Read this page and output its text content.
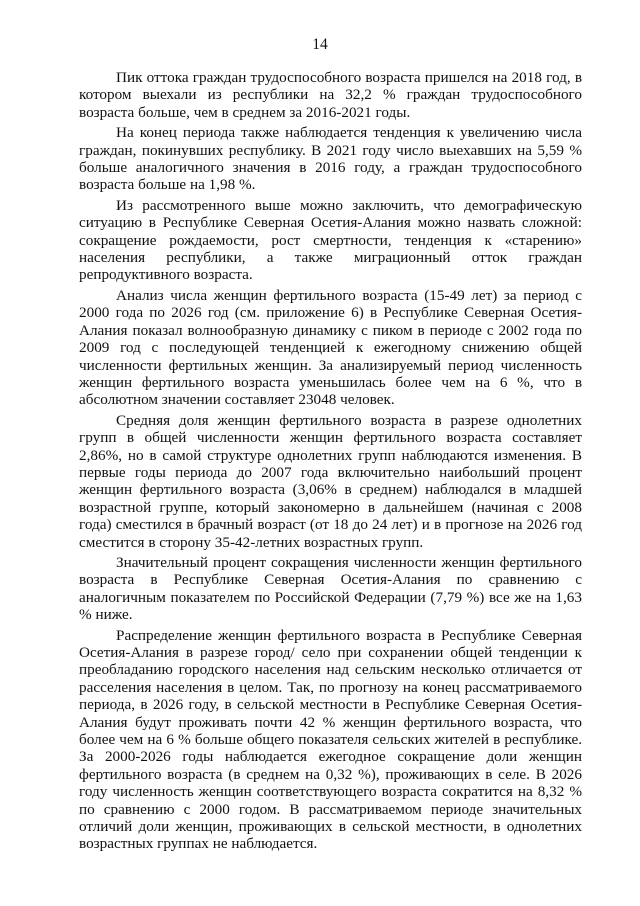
14

Пик оттока граждан трудоспособного возраста пришелся на 2018 год, в котором выехали из республики на 32,2 % граждан трудоспособного возраста больше, чем в среднем за 2016-2021 годы.

На конец периода также наблюдается тенденция к увеличению числа граждан, покинувших республику. В 2021 году число выехавших на 5,59 % больше аналогичного значения в 2016 году, а граждан трудоспособного возраста больше на 1,98 %.

Из рассмотренного выше можно заключить, что демографическую ситуацию в Республике Северная Осетия-Алания можно назвать сложной: сокращение рождаемости, рост смертности, тенденция к «старению» населения республики, а также миграционный отток граждан репродуктивного возраста.

Анализ числа женщин фертильного возраста (15-49 лет) за период с 2000 года по 2026 год (см. приложение 6) в Республике Северная Осетия-Алания показал волнообразную динамику с пиком в периоде с 2002 года по 2009 год с последующей тенденцией к ежегодному снижению общей численности фертильных женщин. За анализируемый период численность женщин фертильного возраста уменьшилась более чем на 6 %, что в абсолютном значении составляет 23048 человек.

Средняя доля женщин фертильного возраста в разрезе однолетних групп в общей численности женщин фертильного возраста составляет 2,86%, но в самой структуре однолетних групп наблюдаются изменения. В первые годы периода до 2007 года включительно наибольший процент женщин фертильного возраста (3,06% в среднем) наблюдался в младшей возрастной группе, который закономерно в дальнейшем (начиная с 2008 года) сместился в брачный возраст (от 18 до 24 лет) и в прогнозе на 2026 год сместится в сторону 35-42-летних возрастных групп.

Значительный процент сокращения численности женщин фертильного возраста в Республике Северная Осетия-Алания по сравнению с аналогичным показателем по Российской Федерации (7,79 %) все же на 1,63 % ниже.

Распределение женщин фертильного возраста в Республике Северная Осетия-Алания в разрезе город/ село при сохранении общей тенденции к преобладанию городского населения над сельским несколько отличается от расселения населения в целом. Так, по прогнозу на конец рассматриваемого периода, в 2026 году, в сельской местности в Республике Северная Осетия-Алания будут проживать почти 42 % женщин фертильного возраста, что более чем на 6 % больше общего показателя сельских жителей в республике. За 2000-2026 годы наблюдается ежегодное сокращение доли женщин фертильного возраста (в среднем на 0,32 %), проживающих в селе. В 2026 году численность женщин соответствующего возраста сократится на 8,32 % по сравнению с 2000 годом. В рассматриваемом периоде значительных отличий доли женщин, проживающих в сельской местности, в однолетних возрастных группах не наблюдается.
